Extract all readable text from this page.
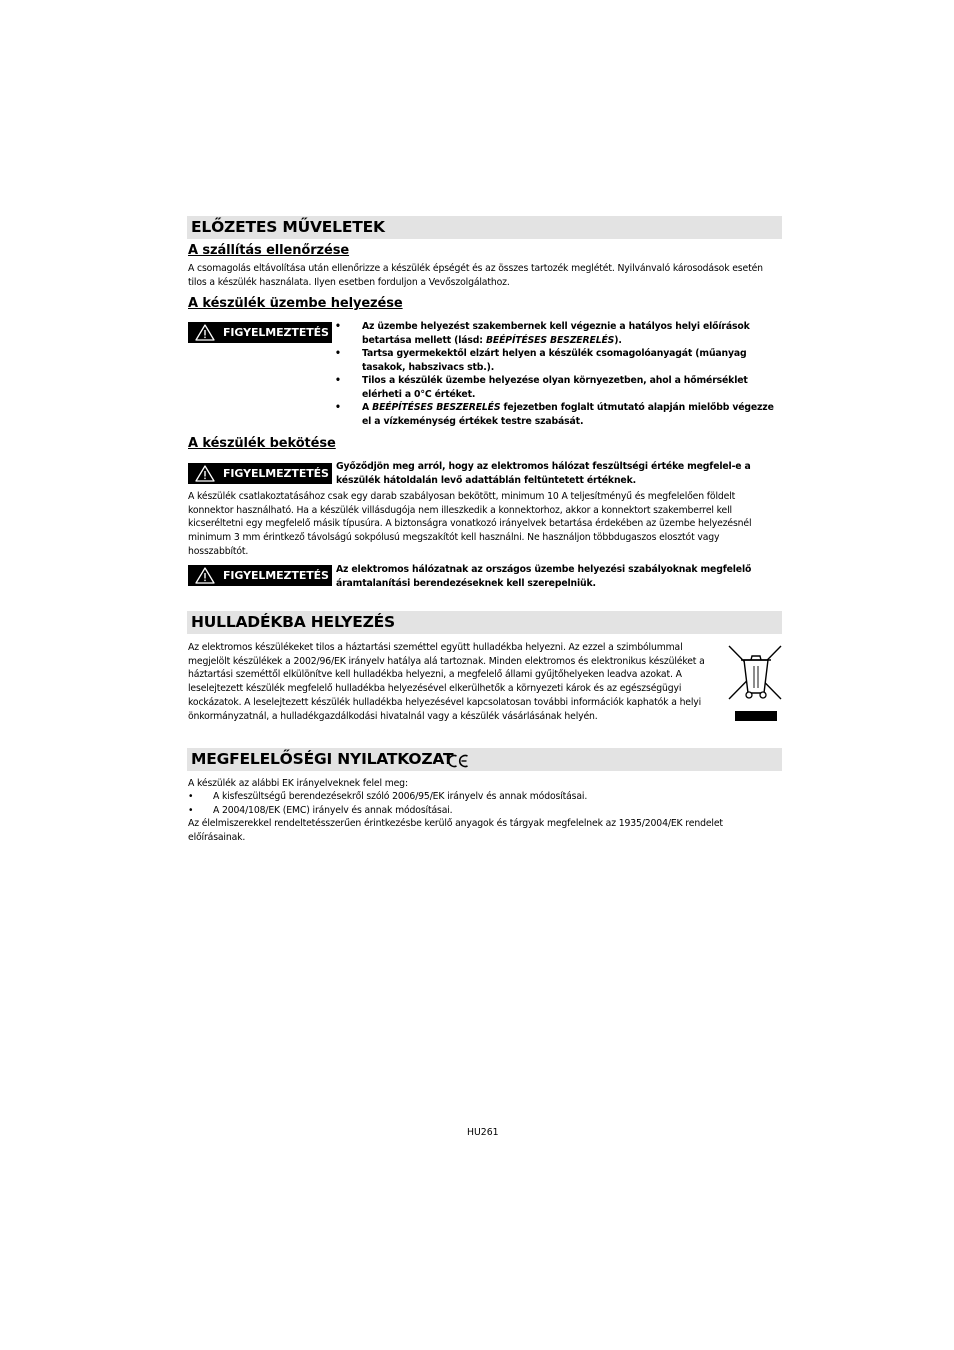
ELŐZETES MŰVELETEK
A szállítás ellenőrzése
A csomagolás eltávolítása után ellenőrizze a készülék épségét és az összes tartozék meglétét. Nyilvánvaló károsodások esetén tilos a készülék használata. Ilyen esetben forduljon a Vevőszolgálathoz.
A készülék üzembe helyezése
FIGYELMEZTETÉS • Az üzembe helyezést szakembernek kell végeznie a hatályos helyi előírások betartása mellett (lásd: BEÉPÍTÉSES BESZERELÉS).
• Tartsa gyermekektől elzárt helyen a készülék csomagolóanyagát (műanyag tasakok, habszivacs stb.).
• Tilos a készülék üzembe helyezése olyan környezetben, ahol a hőmérséklet elérheti a 0°C értéket.
• A BEÉPÍTÉSES BESZERELÉS fejezetben foglalt útmutató alapján mielőbb végezze el a vízkeménység értékek testre szabását.
A készülék bekötése
FIGYELMEZTETÉS
Győződjön meg arról, hogy az elektromos hálózat feszültségi értéke megfelel-e a készülék hátoldalán levő adattáblán feltüntetett értéknek.
A készülék csatlakoztatásához csak egy darab szabályosan bekötött, minimum 10 A teljesítményű és megfelelően földelt konnektor használható. Ha a készülék villásdugója nem illeszkedik a konnektorhoz, akkor a konnektort szakemberrel kell kicseréltetni egy megfelelő másik típusúra. A biztonságra vonatkozó irányelvek betartása érdekében az üzembe helyezésnél minimum 3 mm érintkező távolságú sokpólusú megszakítót kell használni. Ne használjon többdugaszos elosztót vagy hosszabbítót.
FIGYELMEZTETÉS Az elektromos hálózatnak az országos üzembe helyezési szabályoknak megfelelő áramtalanítási berendezéseknek kell szerepelniük.
HULLADÉKBA HELYEZÉS
Az elektromos készülékeket tilos a háztartási szeméttel együtt hulladékba helyezni. Az ezzel a szimbólummal megjelölt készülékek a 2002/96/EK irányelv hatálya alá tartoznak. Minden elektromos és elektronikus készüléket a háztartási szeméttől elkülönítve kell hulladékba helyezni, a megfelelő állami gyűjtőhelyeken leadva azokat. A leselejtezett készülék megfelelő hulladékba helyezésével elkerülhetők a környezeti károk és az egészségügyi kockázatok. A leselejtezett készülék hulladékba helyezésével kapcsolatosan további információk kaphatók a helyi önkormányzatnál, a hulladékgazdálkodási hivatalnál vagy a készülék vásárlásának helyén.
MEGFELELŐSÉGI NYILATKOZAT
A készülék az alábbi EK irányelveknek felel meg:
• A kisfeszültségű berendezésekről szóló 2006/95/EK irányelv és annak módosításai.
• A 2004/108/EK (EMC) irányelv és annak módosításai.
Az élelmiszerekkel rendeltetésszerűen érintkezésbe kerülő anyagok és tárgyak megfelelnek az 1935/2004/EK rendelet előírásainak.
HU261
